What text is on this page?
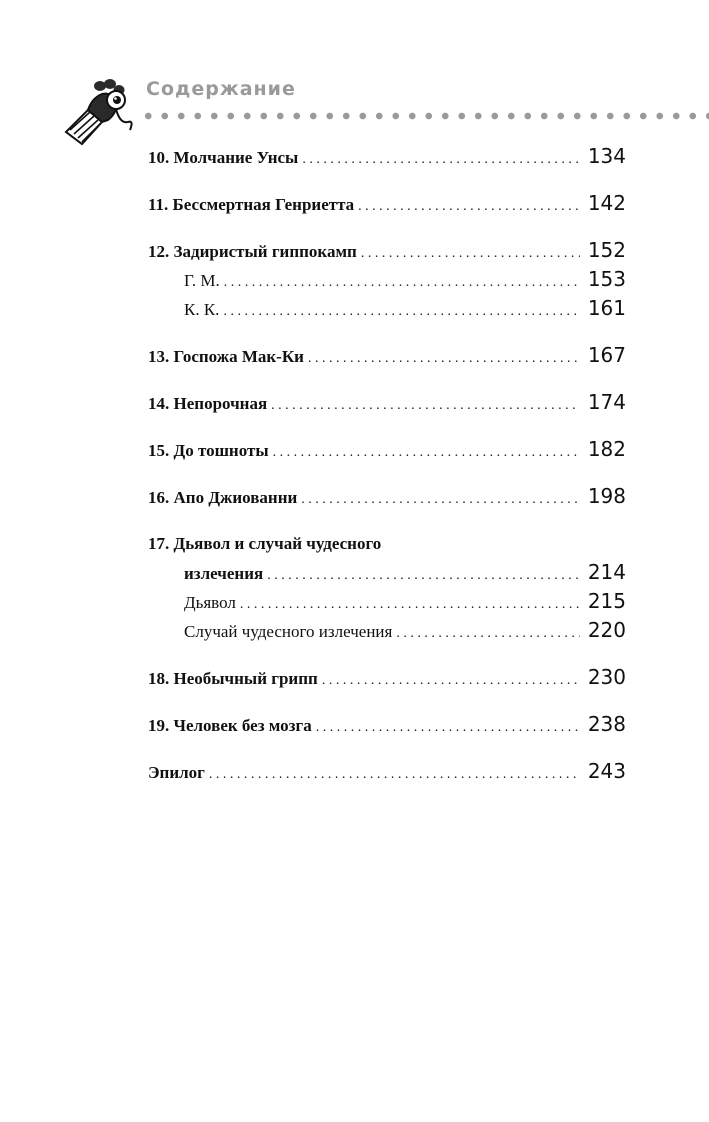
Содержание
10. Молчание Унсы . . .	134
11. Бессмертная Генриетта . . .	142
12. Задиристый гиппокамп . . .	152
Г. М. . . .	153
К. К. . . .	161
13. Госпожа Мак-Ки . . .	167
14. Непорочная . . .	174
15. До тошноты . . .	182
16. Апо Джиованни . . .	198
17. Дьявол и случай чудесного
излечения . . .	214
Дьявол . . .	215
Случай чудесного излечения . . .	220
18. Необычный грипп . . .	230
19. Человек без мозга . . .	238
Эпилог . . .	243
